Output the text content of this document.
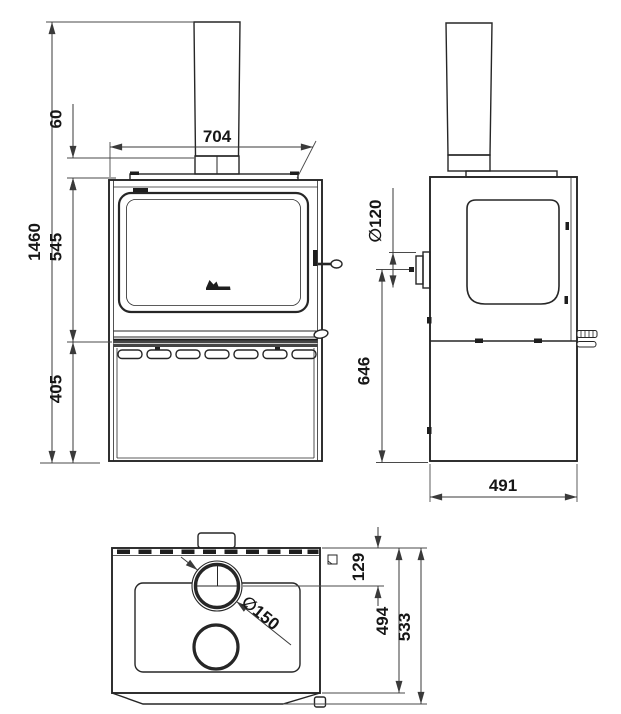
1460
60
545
405
704
∅120
646
491
129
494 533
∅150
